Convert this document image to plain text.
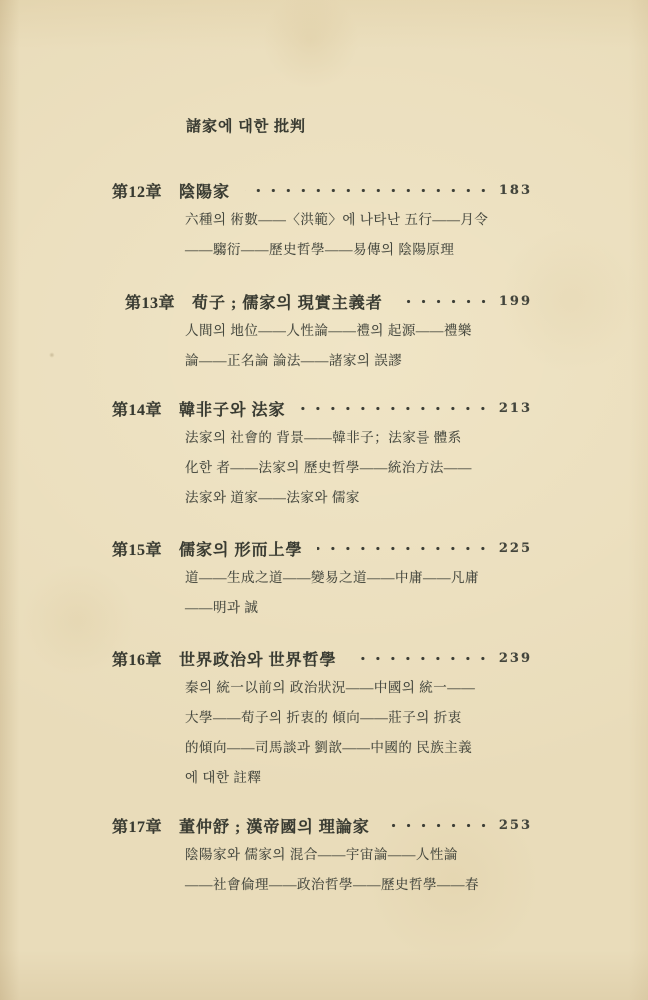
諸家에 대한 批判
第12章 陰陽家	183
六種의 術數——〈洪範〉에 나타난 五行——月令
——騶衍——歷史哲學——易傳의 陰陽原理
第13章 荀子 ; 儒家의 現實主義者	199
人間의 地位——人性論——禮의 起源——禮樂
論——正名論 論法——諸家의 誤謬
第14章 韓非子와 法家	213
法家의 社會的 背景——韓非子；法家를 體系
化한 者——法家의 歷史哲學——統治方法——
法家와 道家——法家와 儒家
第15章 儒家의 形而上學	225
道——生成之道——變易之道——中庸——凡庸
——明과 誠
第16章 世界政治와 世界哲學	239
秦의 統一以前의 政治狀況——中國의 統一——
大學——荀子의 折衷的 傾向——莊子의 折衷
的傾向——司馬談과 劉歆——中國的 民族主義
에 대한 註釋
第17章 董仲舒 ; 漢帝國의 理論家	253
陰陽家와 儒家의 混合——宇宙論——人性論
——社會倫理——政治哲學——歷史哲學——春
